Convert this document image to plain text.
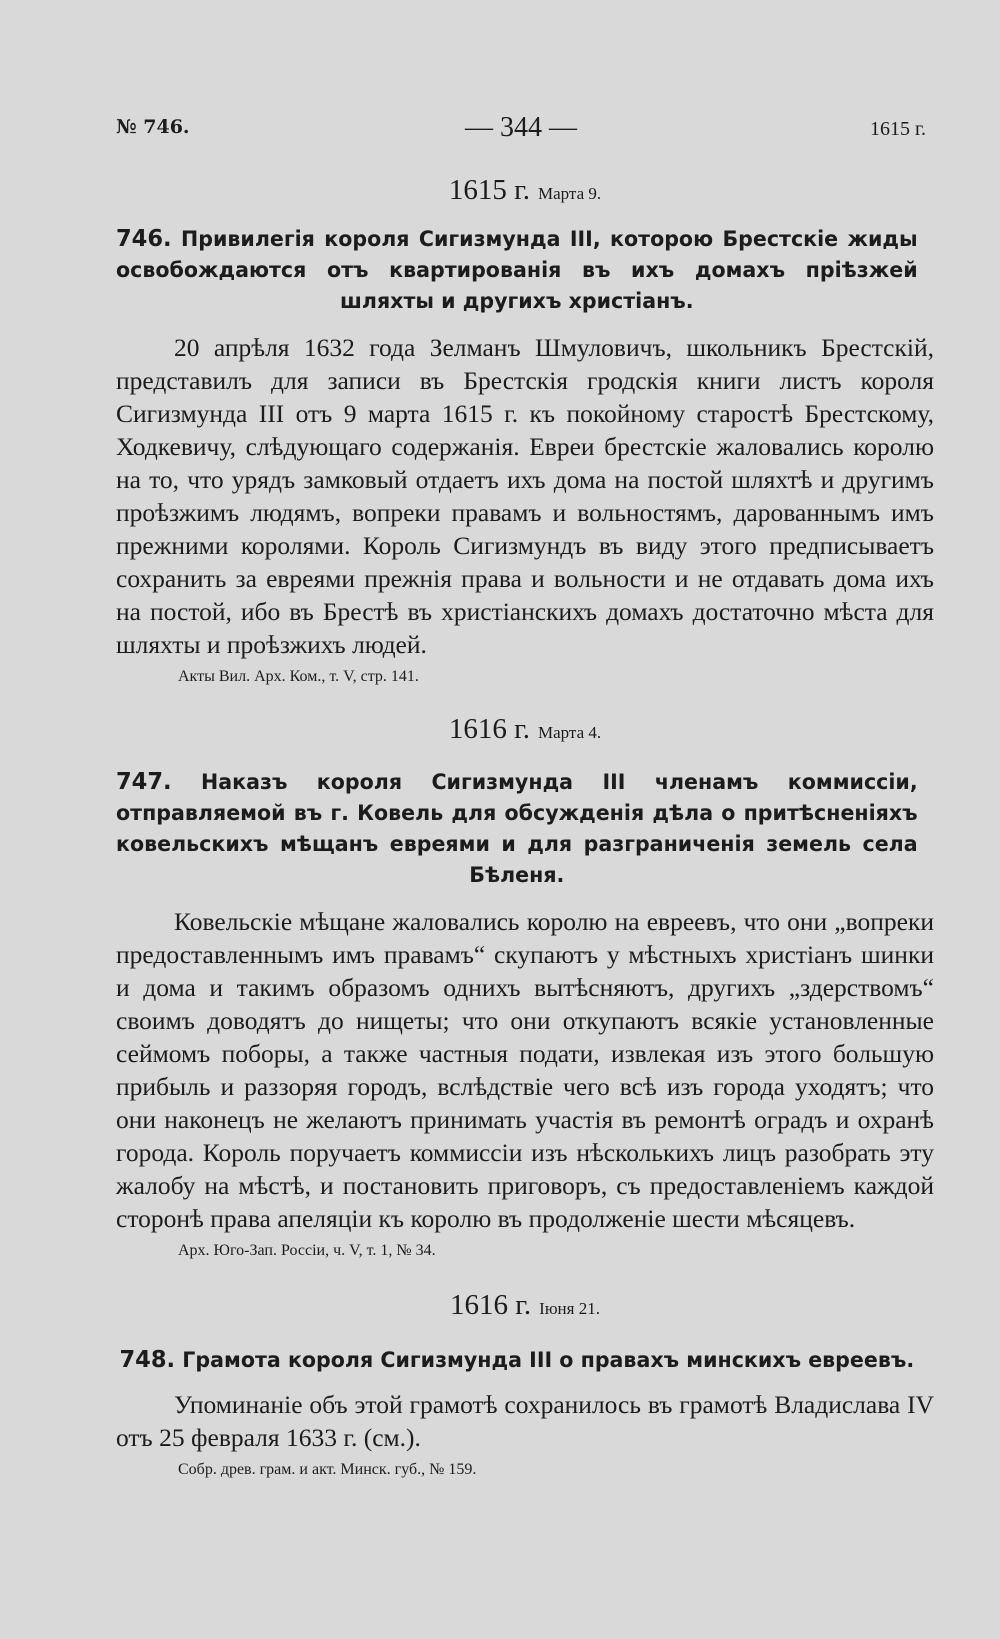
№ 746.	— 344 —	1615 г.

1615 г. Марта 9.

746. Привилегія короля Сигизмунда III, которою Брестскіе жиды освобождаются отъ квартированія въ ихъ домахъ пріѣзжей шляхты и другихъ христіанъ.

20 апрѣля 1632 года Зелманъ Шмуловичъ, школьникъ Брестскій, представилъ для записи въ Брестскія гродскія книги листъ короля Сигизмунда III отъ 9 марта 1615 г. къ покойному старостѣ Брестскому, Ходкевичу, слѣдующаго содержанія. Евреи брестскіе жаловались королю на то, что урядъ замковый отдаетъ ихъ дома на постой шляхтѣ и другимъ проѣзжимъ людямъ, вопреки правамъ и вольностямъ, дарованнымъ имъ прежними королями. Король Сигизмундъ въ виду этого предписываетъ сохранить за евреями прежнія права и вольности и не отдавать дома ихъ на постой, ибо въ Брестѣ въ христіанскихъ домахъ достаточно мѣста для шляхты и проѣзжихъ людей.

Акты Вил. Арх. Ком., т. V, стр. 141.

1616 г. Марта 4.

747. Наказъ короля Сигизмунда III членамъ коммиссіи, отправляемой въ г. Ковель для обсужденія дѣла о притѣсненіяхъ ковельскихъ мѣщанъ евреями и для разграниченія земель села Бѣленя.

Ковельскіе мѣщане жаловались королю на евреевъ, что они „вопреки предоставленнымъ имъ правамъ“ скупаютъ у мѣстныхъ христіанъ шинки и дома и такимъ образомъ однихъ вытѣсняютъ, другихъ „здерствомъ“ своимъ доводятъ до нищеты; что они откупаютъ всякіе установленные сеймомъ поборы, а также частныя подати, извлекая изъ этого большую прибыль и раззоряя городъ, вслѣдствіе чего всѣ изъ города уходятъ; что они наконецъ не желаютъ принимать участія въ ремонтѣ оградъ и охранѣ города. Король поручаетъ коммиссіи изъ нѣсколькихъ лицъ разобрать эту жалобу на мѣстѣ, и постановить приговоръ, съ предоставленіемъ каждой сторонѣ права апеляціи къ королю въ продолженіе шести мѣсяцевъ.

Арх. Юго-Зап. Россіи, ч. V, т. 1, № 34.

1616 г. Іюня 21.

748. Грамота короля Сигизмунда III о правахъ минскихъ евреевъ.

Упоминаніе объ этой грамотѣ сохранилось въ грамотѣ Владислава IV отъ 25 февраля 1633 г. (см.).

Собр. древ. грам. и акт. Минск. губ., № 159.
